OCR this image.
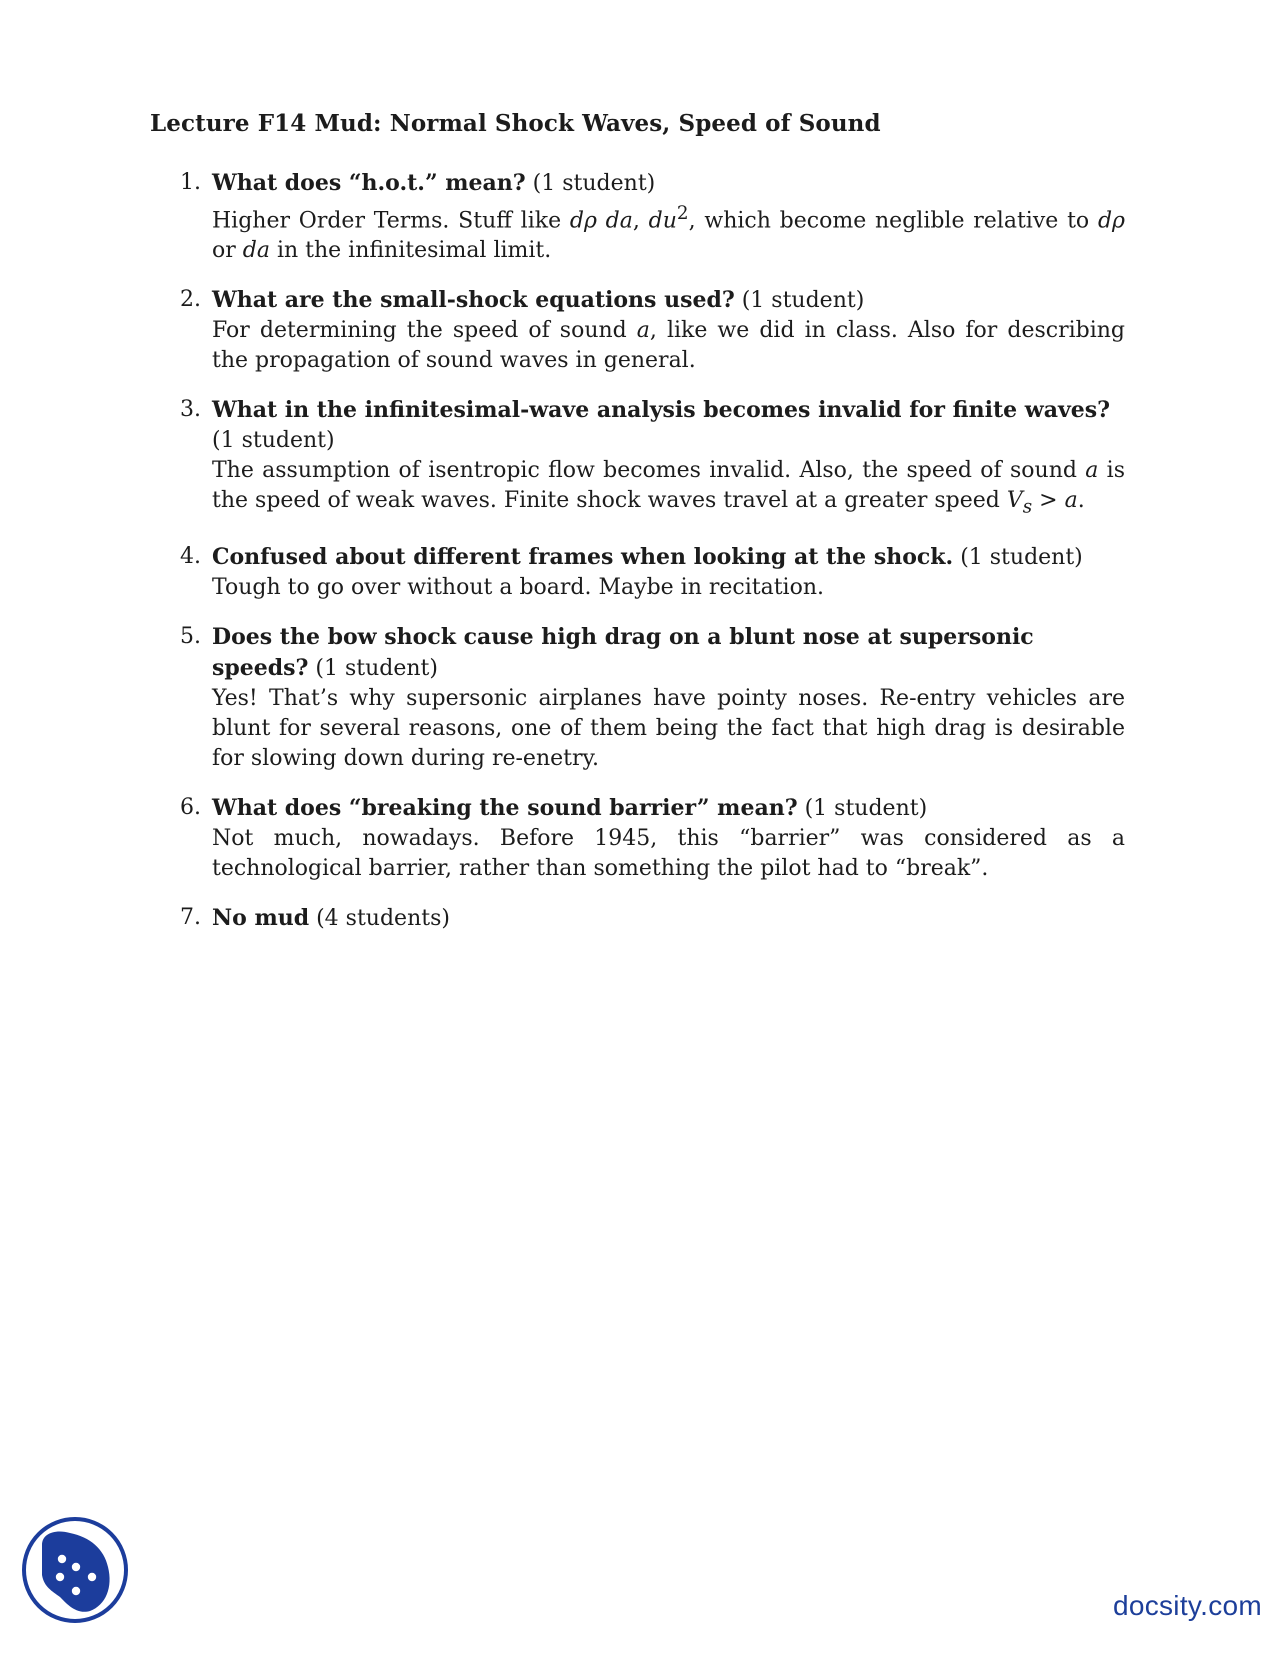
Lecture F14 Mud: Normal Shock Waves, Speed of Sound
1. What does “h.o.t.” mean? (1 student)
Higher Order Terms. Stuff like dρ da, $du^2$, which become neglible relative to dρ or da in the infinitesimal limit.
2. What are the small-shock equations used? (1 student)
For determining the speed of sound a, like we did in class. Also for describing the propagation of sound waves in general.
3. What in the infinitesimal-wave analysis becomes invalid for finite waves? (1 student)
The assumption of isentropic flow becomes invalid. Also, the speed of sound a is the speed of weak waves. Finite shock waves travel at a greater speed $V_s > a$.
4. Confused about different frames when looking at the shock. (1 student)
Tough to go over without a board. Maybe in recitation.
5. Does the bow shock cause high drag on a blunt nose at supersonic speeds? (1 student)
Yes! That’s why supersonic airplanes have pointy noses. Re-entry vehicles are blunt for several reasons, one of them being the fact that high drag is desirable for slowing down during re-enetry.
6. What does “breaking the sound barrier” mean? (1 student)
Not much, nowadays. Before 1945, this “barrier” was considered as a technological barrier, rather than something the pilot had to “break”.
7. No mud (4 students)
docsity.com
